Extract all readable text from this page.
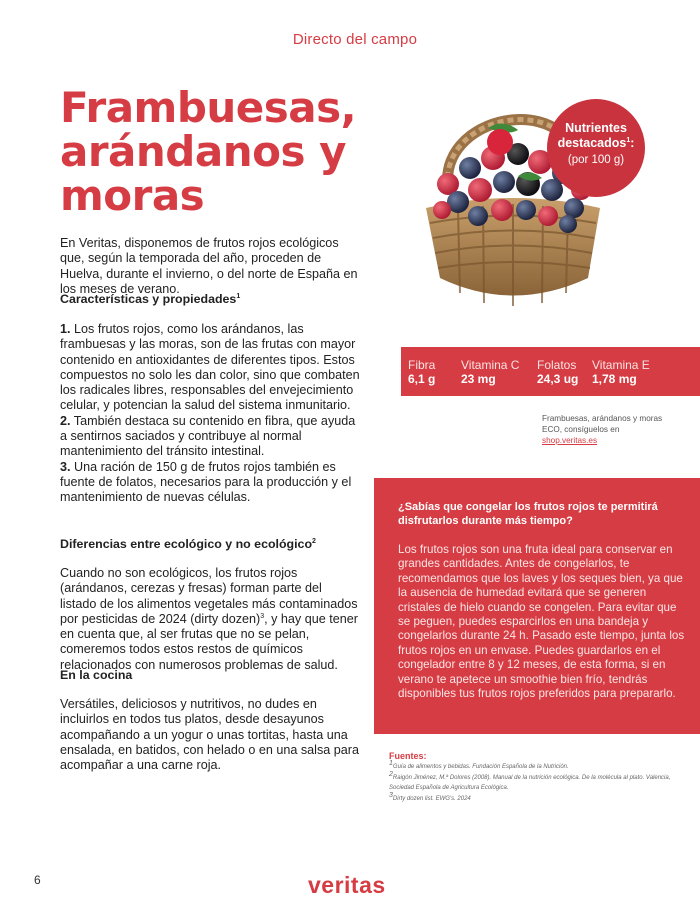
Directo del campo
Frambuesas,
arándanos y
moras
En Veritas, disponemos de frutos rojos ecológicos que, según la temporada del año, proceden de Huelva, durante el invierno, o del norte de España en los meses de verano.
Características y propiedades$^1$

1. Los frutos rojos, como los arándanos, las frambuesas y las moras, son de las frutas con mayor contenido en antioxidantes de diferentes tipos. Estos compuestos no solo les dan color, sino que combaten los radicales libres, responsables del envejecimiento celular, y potencian la salud del sistema inmunitario.

2. También destaca su contenido en fibra, que ayuda a sentirnos saciados y contribuye al normal mantenimiento del tránsito intestinal.

3. Una ración de 150 g de frutos rojos también es fuente de folatos, necesarios para la producción y el mantenimiento de nuevas células.

Diferencias entre ecológico y no ecológico$^2$
Cuando no son ecológicos, los frutos rojos (arándanos, cerezas y fresas) forman parte del listado de los alimentos vegetales más contaminados por pesticidas de 2024 (dirty dozen)$^3$, y hay que tener en cuenta que, al ser frutas que no se pelan, comeremos todos estos restos de químicos relacionados con numerosos problemas de salud.
En la cocina
Versátiles, deliciosos y nutritivos, no dudes en incluirlos en todos tus platos, desde desayunos acompañando a un yogur o unas tortitas, hasta una ensalada, en batidos, con helado o en una salsa para acompañar a una carne roja.
Nutrientes
destacados$^1$:
(por 100 g)
Fibra
6,1 g
Vitamina C
23 mg
Folatos
24,3 ug
Vitamina E
1,78 mg
Frambuesas, arándanos y moras ECO, consíguelos en
shop.veritas.es
¿Sabías que congelar los frutos rojos te permitirá disfrutarlos durante más tiempo?
Los frutos rojos son una fruta ideal para conservar en grandes cantidades. Antes de congelarlos, te recomendamos que los laves y los seques bien, ya que la ausencia de humedad evitará que se generen cristales de hielo cuando se congelen. Para evitar que se peguen, puedes esparcirlos en una bandeja y congelarlos durante 24 h. Pasado este tiempo, junta los frutos rojos en un envase. Puedes guardarlos en el congelador entre 8 y 12 meses, de esta forma, si en verano te apetece un smoothie bien frío, tendrás disponibles tus frutos rojos preferidos para prepararlo.
Fuentes:
$^1$Guía de alimentos y bebidas. Fundación Española de la Nutrición.
$^2$Raigón Jiménez, M.ª Dolores (2008). Manual de la nutrición ecológica. De la molécula al plato. Valencia, Sociedad Española de Agricultura Ecológica.
$^3$Dirty dozen list. EWG's. 2024
6	veritas
